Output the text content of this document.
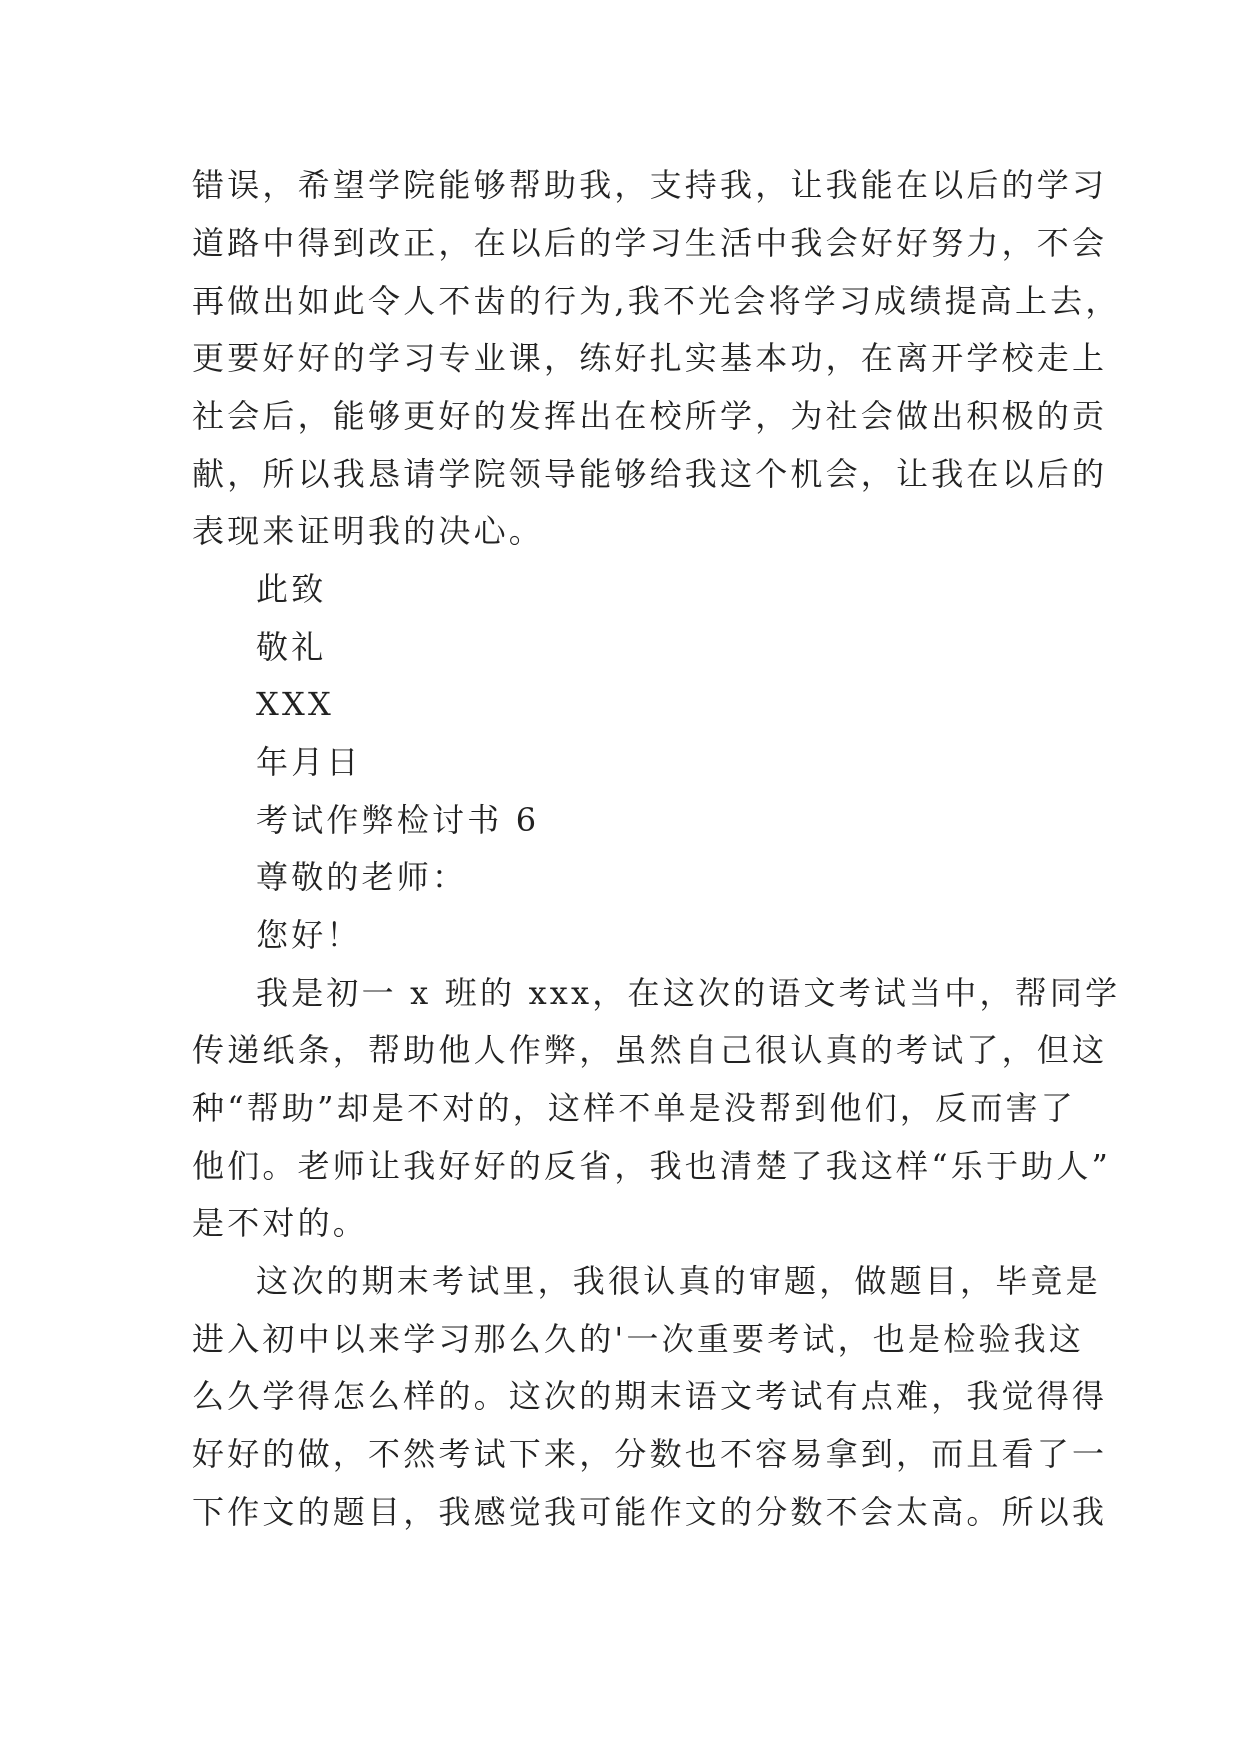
错误，希望学院能够帮助我，支持我，让我能在以后的学习
道路中得到改正，在以后的学习生活中我会好好努力，不会
再做出如此令人不齿的行为,我不光会将学习成绩提高上去，
更要好好的学习专业课，练好扎实基本功，在离开学校走上
社会后，能够更好的发挥出在校所学，为社会做出积极的贡
献，所以我恳请学院领导能够给我这个机会，让我在以后的
表现来证明我的决心。
此致
敬礼
XXX
年月日
考试作弊检讨书 6
尊敬的老师：
您好！
我是初一 x 班的 xxx，在这次的语文考试当中，帮同学
传递纸条，帮助他人作弊，虽然自己很认真的考试了，但这
种“帮助”却是不对的，这样不单是没帮到他们，反而害了
他们。老师让我好好的反省，我也清楚了我这样“乐于助人”
是不对的。
这次的期末考试里，我很认真的审题，做题目，毕竟是
进入初中以来学习那么久的'一次重要考试，也是检验我这
么久学得怎么样的。这次的期末语文考试有点难，我觉得得
好好的做，不然考试下来，分数也不容易拿到，而且看了一
下作文的题目，我感觉我可能作文的分数不会太高。所以我
